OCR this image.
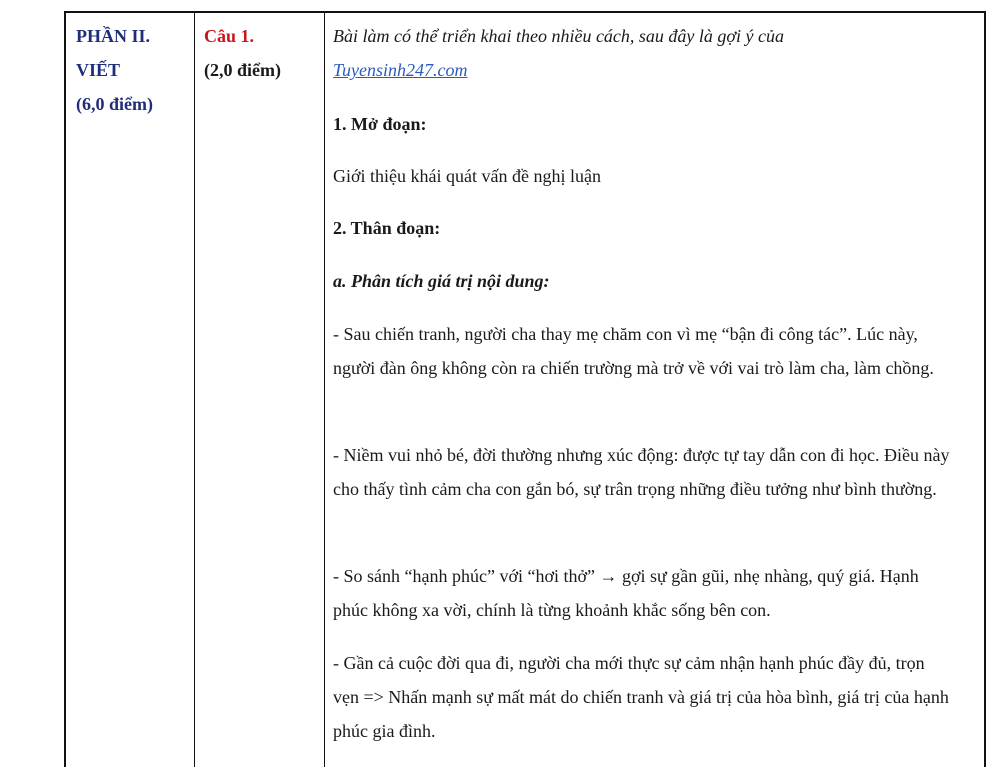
PHẦN II.
VIẾT
(6,0 điểm)
Câu 1.
(2,0 điểm)
Bài làm có thể triển khai theo nhiều cách, sau đây là gợi ý của
Tuyensinh247.com
1. Mở đoạn:
Giới thiệu khái quát vấn đề nghị luận
2. Thân đoạn:
a. Phân tích giá trị nội dung:
- Sau chiến tranh, người cha thay mẹ chăm con vì mẹ “bận đi công tác”. Lúc này, người đàn ông không còn ra chiến trường mà trở về với vai trò làm cha, làm chồng.
- Niềm vui nhỏ bé, đời thường nhưng xúc động: được tự tay dẫn con đi học. Điều này cho thấy tình cảm cha con gắn bó, sự trân trọng những điều tưởng như bình thường.
- So sánh “hạnh phúc” với “hơi thở” → gợi sự gần gũi, nhẹ nhàng, quý giá. Hạnh phúc không xa vời, chính là từng khoảnh khắc sống bên con.
- Gần cả cuộc đời qua đi, người cha mới thực sự cảm nhận hạnh phúc đầy đủ, trọn vẹn => Nhấn mạnh sự mất mát do chiến tranh và giá trị của hòa bình, giá trị của hạnh phúc gia đình.
